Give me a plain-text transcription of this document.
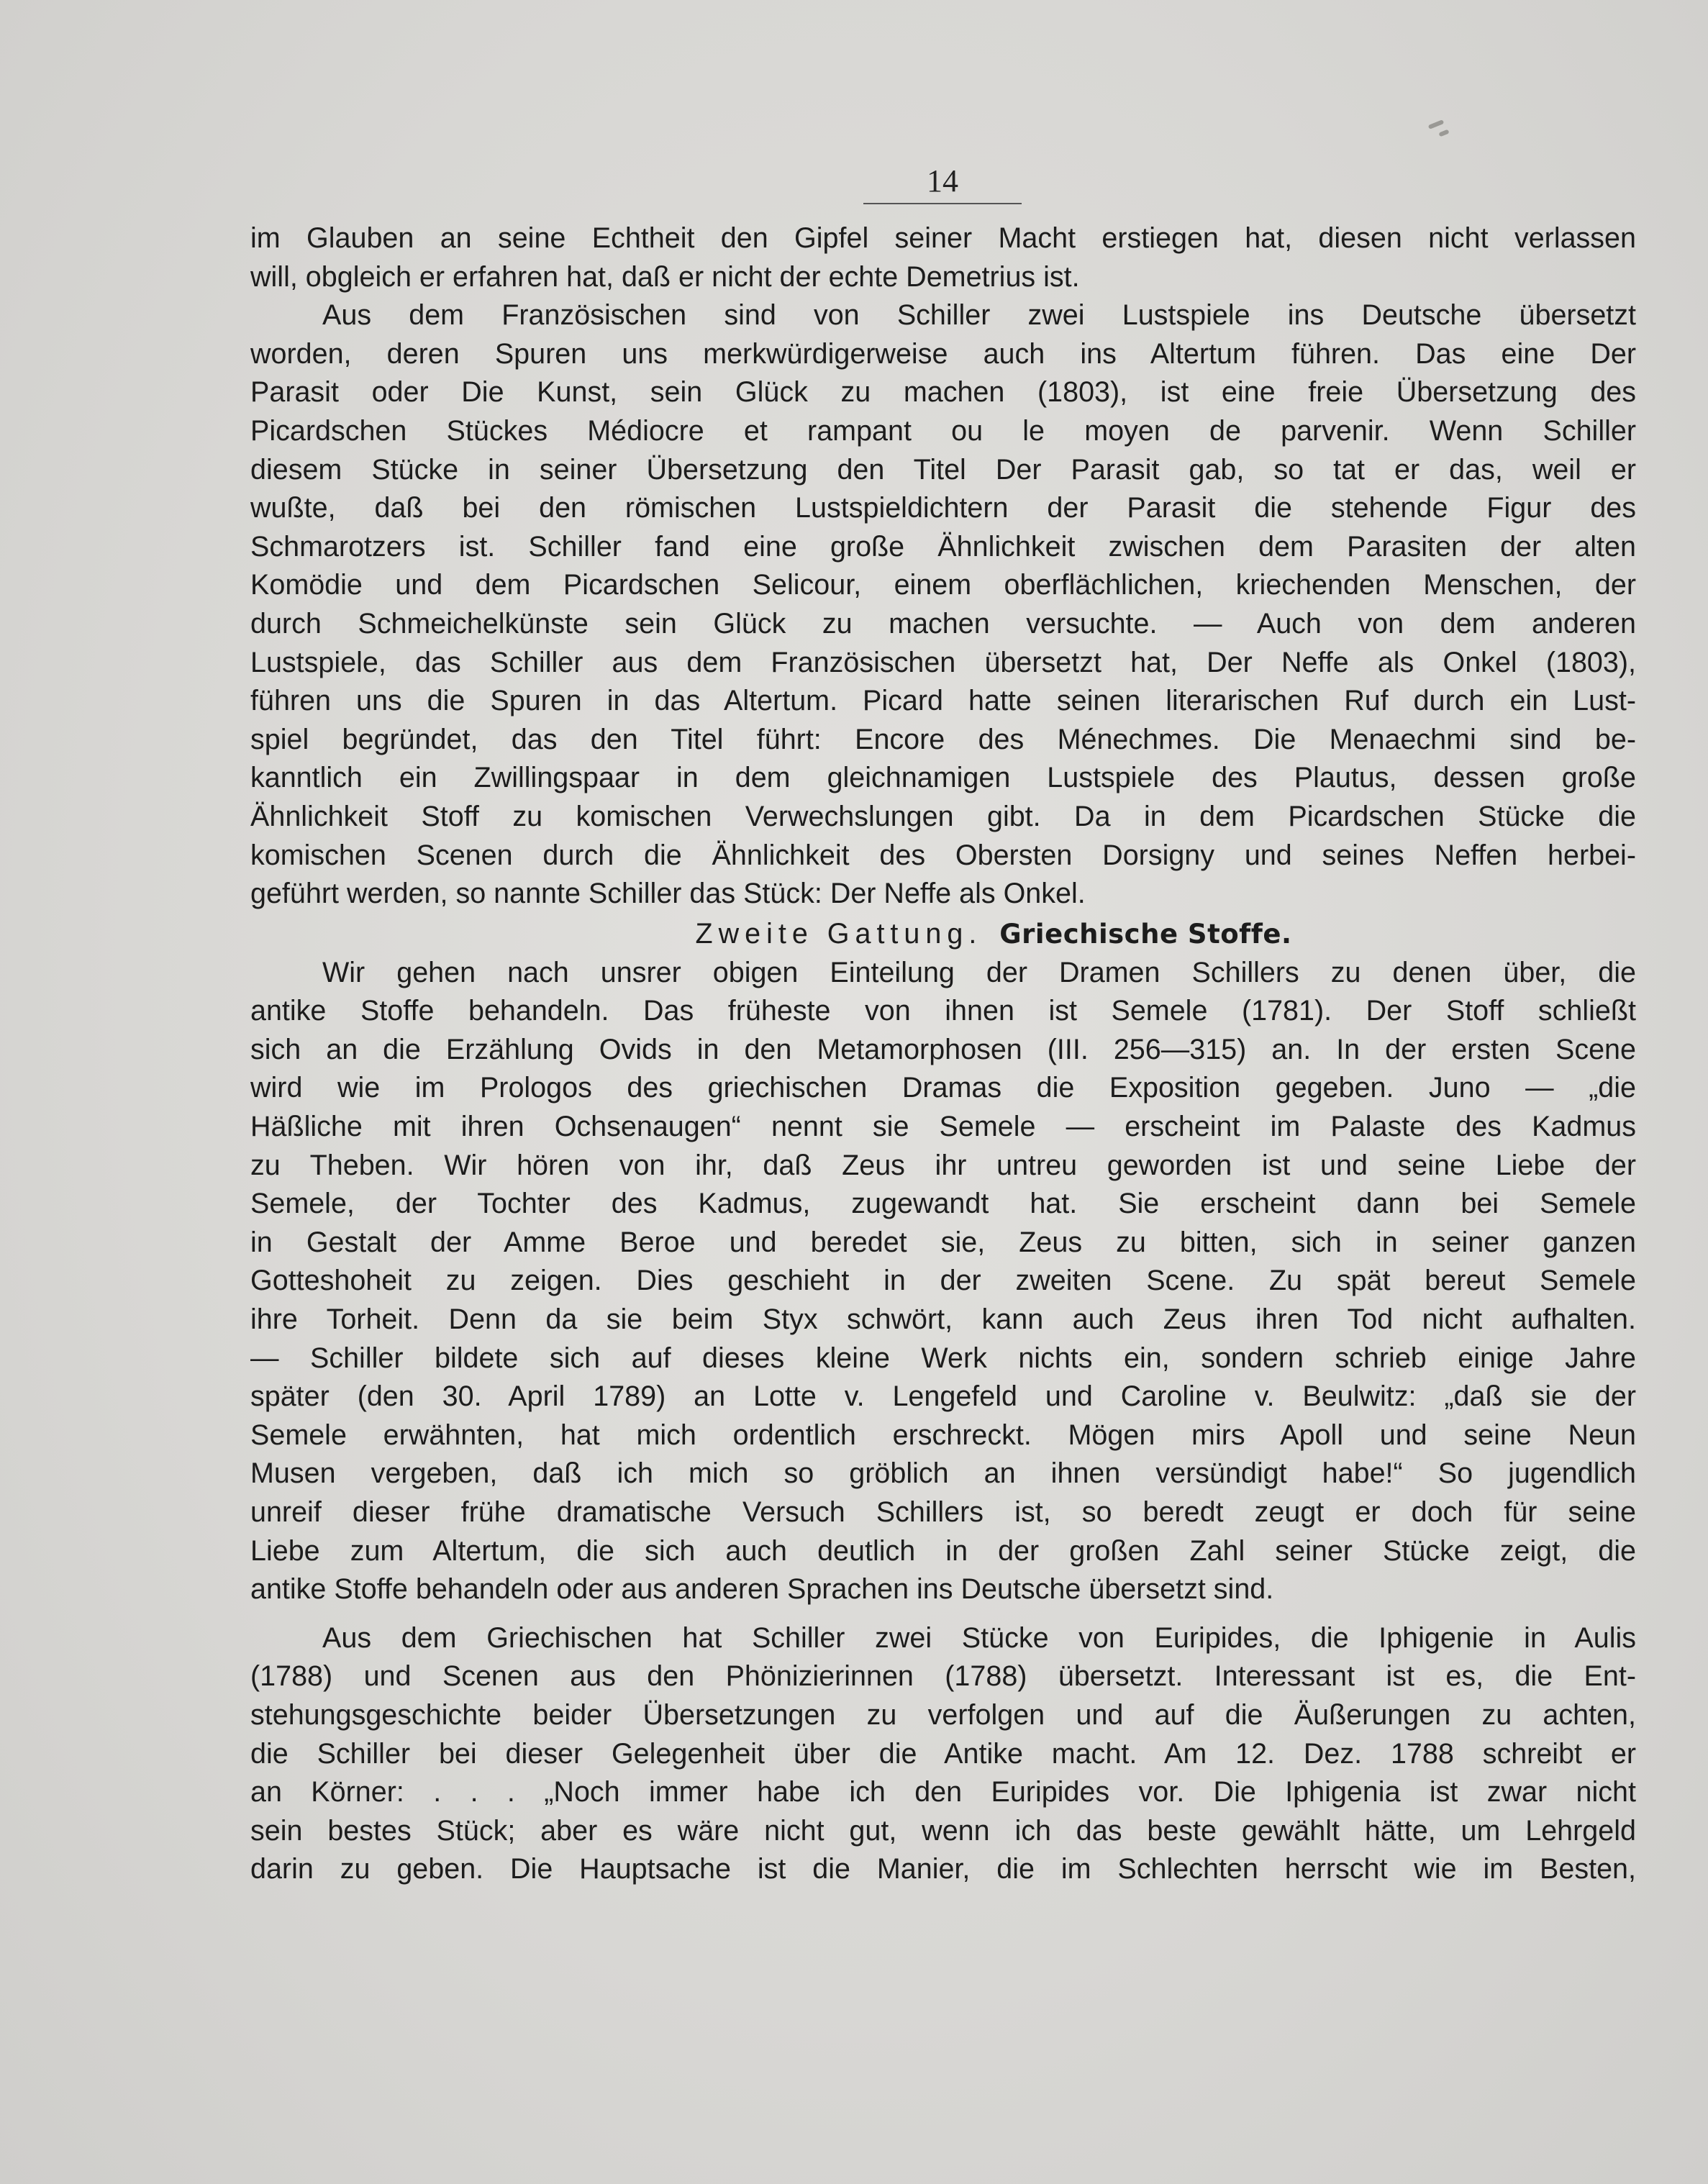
14
im Glauben an seine Echtheit den Gipfel seiner Macht erstiegen hat, diesen nicht verlassen
will, obgleich er erfahren hat, daß er nicht der echte Demetrius ist.
Aus dem Französischen sind von Schiller zwei Lustspiele ins Deutsche übersetzt
worden, deren Spuren uns merkwürdigerweise auch ins Altertum führen. Das eine Der
Parasit oder Die Kunst, sein Glück zu machen (1803), ist eine freie Übersetzung des
Picardschen Stückes Médiocre et rampant ou le moyen de parvenir. Wenn Schiller
diesem Stücke in seiner Übersetzung den Titel Der Parasit gab, so tat er das, weil er
wußte, daß bei den römischen Lustspieldichtern der Parasit die stehende Figur des
Schmarotzers ist. Schiller fand eine große Ähnlichkeit zwischen dem Parasiten der alten
Komödie und dem Picardschen Selicour, einem oberflächlichen, kriechenden Menschen, der
durch Schmeichelkünste sein Glück zu machen versuchte. — Auch von dem anderen
Lustspiele, das Schiller aus dem Französischen übersetzt hat, Der Neffe als Onkel (1803),
führen uns die Spuren in das Altertum. Picard hatte seinen literarischen Ruf durch ein Lust-
spiel begründet, das den Titel führt: Encore des Ménechmes. Die Menaechmi sind be-
kanntlich ein Zwillingspaar in dem gleichnamigen Lustspiele des Plautus, dessen große
Ähnlichkeit Stoff zu komischen Verwechslungen gibt. Da in dem Picardschen Stücke die
komischen Scenen durch die Ähnlichkeit des Obersten Dorsigny und seines Neffen herbei-
geführt werden, so nannte Schiller das Stück: Der Neffe als Onkel.
Zweite Gattung. Griechische Stoffe.
Wir gehen nach unsrer obigen Einteilung der Dramen Schillers zu denen über, die
antike Stoffe behandeln. Das früheste von ihnen ist Semele (1781). Der Stoff schließt
sich an die Erzählung Ovids in den Metamorphosen (III. 256—315) an. In der ersten Scene
wird wie im Prologos des griechischen Dramas die Exposition gegeben. Juno — „die
Häßliche mit ihren Ochsenaugen“ nennt sie Semele — erscheint im Palaste des Kadmus
zu Theben. Wir hören von ihr, daß Zeus ihr untreu geworden ist und seine Liebe der
Semele, der Tochter des Kadmus, zugewandt hat. Sie erscheint dann bei Semele
in Gestalt der Amme Beroe und beredet sie, Zeus zu bitten, sich in seiner ganzen
Gotteshoheit zu zeigen. Dies geschieht in der zweiten Scene. Zu spät bereut Semele
ihre Torheit. Denn da sie beim Styx schwört, kann auch Zeus ihren Tod nicht aufhalten.
— Schiller bildete sich auf dieses kleine Werk nichts ein, sondern schrieb einige Jahre
später (den 30. April 1789) an Lotte v. Lengefeld und Caroline v. Beulwitz: „daß sie der
Semele erwähnten, hat mich ordentlich erschreckt. Mögen mirs Apoll und seine Neun
Musen vergeben, daß ich mich so gröblich an ihnen versündigt habe!“ So jugendlich
unreif dieser frühe dramatische Versuch Schillers ist, so beredt zeugt er doch für seine
Liebe zum Altertum, die sich auch deutlich in der großen Zahl seiner Stücke zeigt, die
antike Stoffe behandeln oder aus anderen Sprachen ins Deutsche übersetzt sind.
Aus dem Griechischen hat Schiller zwei Stücke von Euripides, die Iphigenie in Aulis
(1788) und Scenen aus den Phönizierinnen (1788) übersetzt. Interessant ist es, die Ent-
stehungsgeschichte beider Übersetzungen zu verfolgen und auf die Äußerungen zu achten,
die Schiller bei dieser Gelegenheit über die Antike macht. Am 12. Dez. 1788 schreibt er
an Körner: . . . „Noch immer habe ich den Euripides vor. Die Iphigenia ist zwar nicht
sein bestes Stück; aber es wäre nicht gut, wenn ich das beste gewählt hätte, um Lehrgeld
darin zu geben. Die Hauptsache ist die Manier, die im Schlechten herrscht wie im Besten,
